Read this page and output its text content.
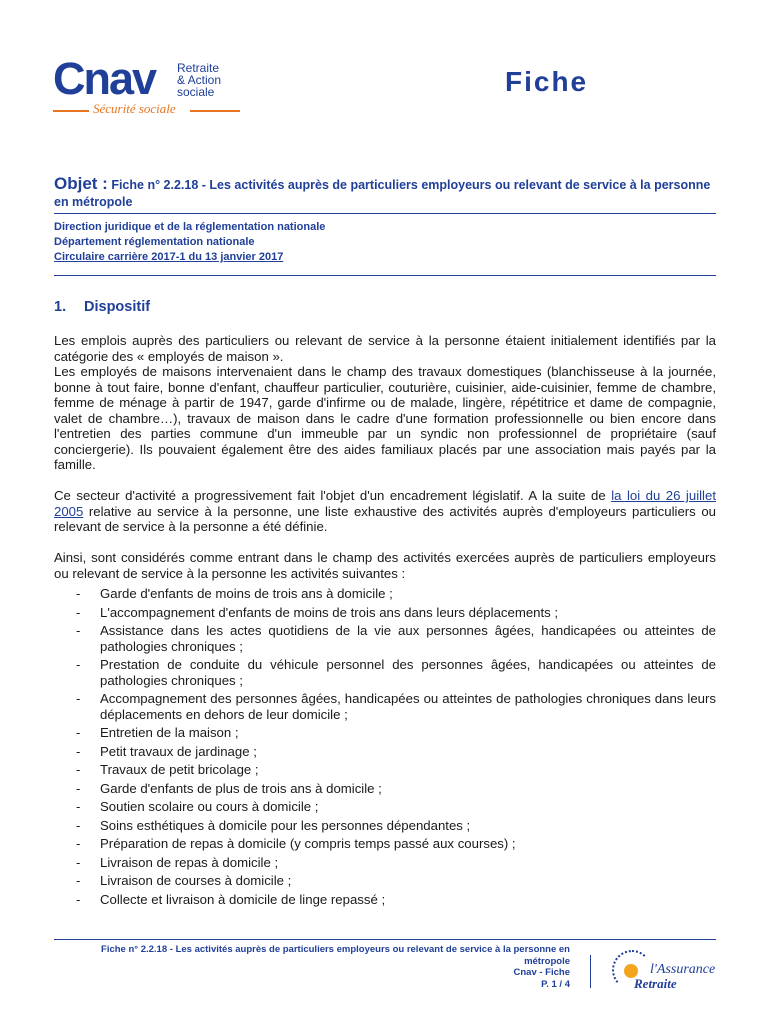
Cnav Retraite
& Action
sociale
Sécurité sociale
Fiche
Objet : Fiche n° 2.2.18 - Les activités auprès de particuliers employeurs ou relevant de service à la personne en métropole
Direction juridique et de la réglementation nationale
Département réglementation nationale
Circulaire carrière 2017-1 du 13 janvier 2017
1. Dispositif

Les emplois auprès des particuliers ou relevant de service à la personne étaient initialement identifiés par la catégorie des « employés de maison ».

Les employés de maisons intervenaient dans le champ des travaux domestiques (blanchisseuse à la journée, bonne à tout faire, bonne d'enfant, chauffeur particulier, couturière, cuisinier, aide-cuisinier, femme de chambre, femme de ménage à partir de 1947, garde d'infirme ou de malade, lingère, répétitrice et dame de compagnie, valet de chambre…), travaux de maison dans le cadre d'une formation professionnelle ou bien encore dans l'entretien des parties commune d'un immeuble par un syndic non professionnel de propriétaire (sauf conciergerie). Ils pouvaient également être des aides familiaux placés par une association mais payés par la famille.

Ce secteur d'activité a progressivement fait l'objet d'un encadrement législatif. A la suite de la loi du 26 juillet 2005 relative au service à la personne, une liste exhaustive des activités auprès d'employeurs particuliers ou relevant de service à la personne a été définie.

Ainsi, sont considérés comme entrant dans le champ des activités exercées auprès de particuliers employeurs ou relevant de service à la personne les activités suivantes :

- Garde d'enfants de moins de trois ans à domicile ;
- L'accompagnement d'enfants de moins de trois ans dans leurs déplacements ;
- Assistance dans les actes quotidiens de la vie aux personnes âgées, handicapées ou atteintes de pathologies chroniques ;
- Prestation de conduite du véhicule personnel des personnes âgées, handicapées ou atteintes de pathologies chroniques ;
- Accompagnement des personnes âgées, handicapées ou atteintes de pathologies chroniques dans leurs déplacements en dehors de leur domicile ;
- Entretien de la maison ;
- Petit travaux de jardinage ;
- Travaux de petit bricolage ;
- Garde d'enfants de plus de trois ans à domicile ;
- Soutien scolaire ou cours à domicile ;
- Soins esthétiques à domicile pour les personnes dépendantes ;
- Préparation de repas à domicile (y compris temps passé aux courses) ;
- Livraison de repas à domicile ;
- Livraison de courses à domicile ;
- Collecte et livraison à domicile de linge repassé ;
Fiche n° 2.2.18 - Les activités auprès de particuliers employeurs ou relevant de service à la personne en
métropole
Cnav - Fiche
P. 1 / 4
l'Assurance
Retraite
